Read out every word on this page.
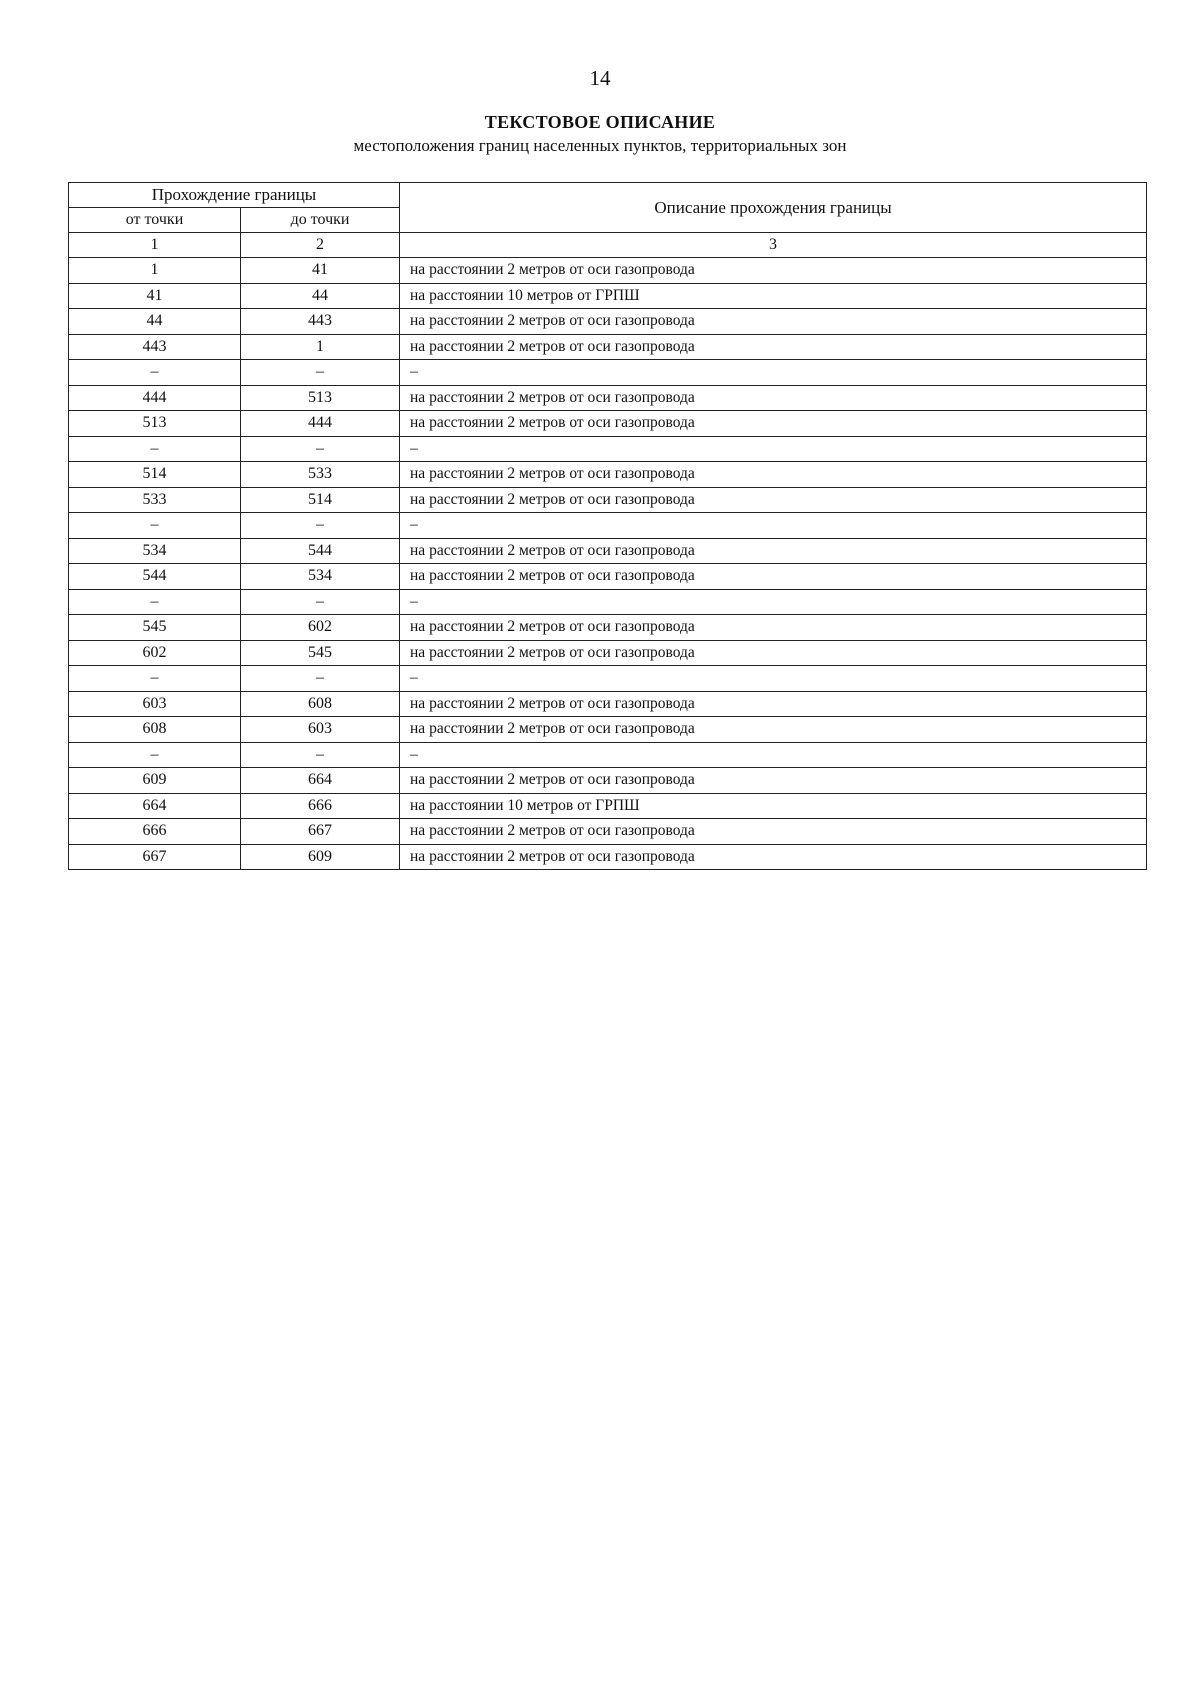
14
ТЕКСТОВОЕ ОПИСАНИЕ
местоположения границ населенных пунктов, территориальных зон
Прохождение границы		Описание прохождения границы
от точки	до точки	
1	2	3
1	41	на расстоянии 2 метров от оси газопровода
41	44	на расстоянии 10 метров от ГРПШ
44	443	на расстоянии 2 метров от оси газопровода
443	1	на расстоянии 2 метров от оси газопровода
–	–	–
444	513	на расстоянии 2 метров от оси газопровода
513	444	на расстоянии 2 метров от оси газопровода
–	–	–
514	533	на расстоянии 2 метров от оси газопровода
533	514	на расстоянии 2 метров от оси газопровода
–	–	–
534	544	на расстоянии 2 метров от оси газопровода
544	534	на расстоянии 2 метров от оси газопровода
–	–	–
545	602	на расстоянии 2 метров от оси газопровода
602	545	на расстоянии 2 метров от оси газопровода
–	–	–
603	608	на расстоянии 2 метров от оси газопровода
608	603	на расстоянии 2 метров от оси газопровода
–	–	–
609	664	на расстоянии 2 метров от оси газопровода
664	666	на расстоянии 10 метров от ГРПШ
666	667	на расстоянии 2 метров от оси газопровода
667	609	на расстоянии 2 метров от оси газопровода
